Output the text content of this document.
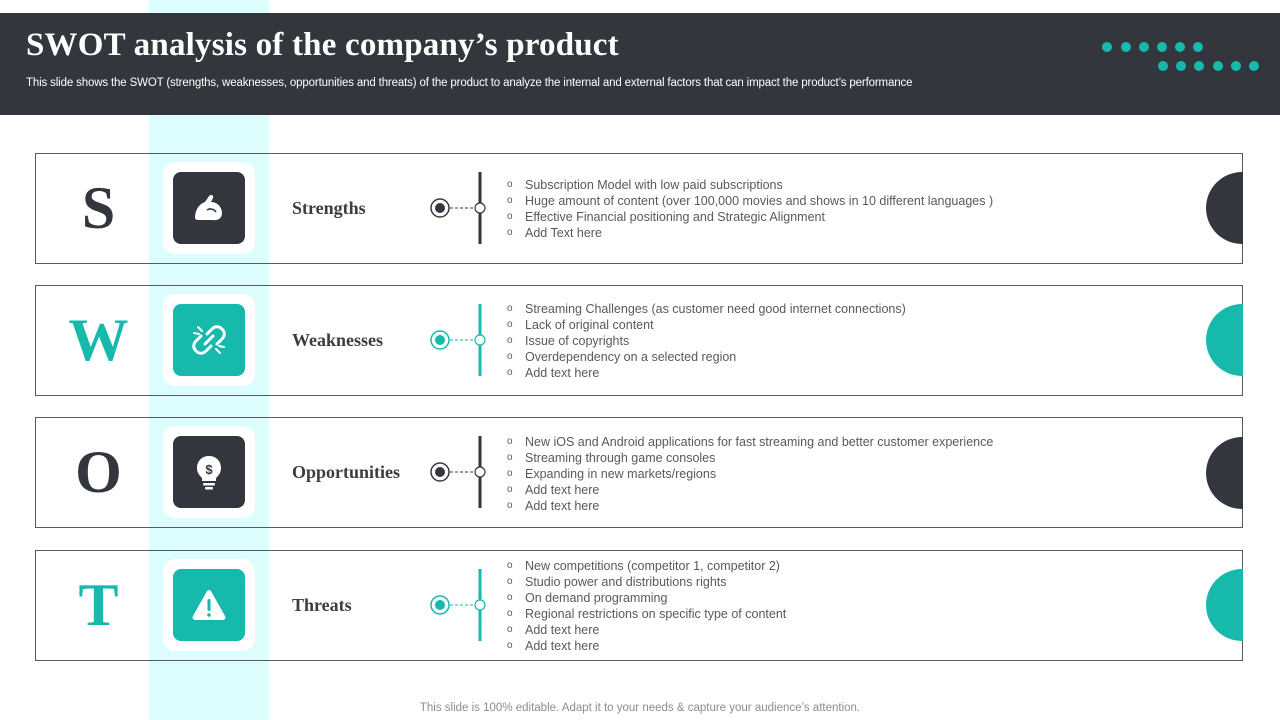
SWOT analysis of the company’s product
This slide shows the SWOT (strengths, weaknesses, opportunities and threats) of the product to analyze the internal and external factors that can impact the product’s performance
S	Strengths
o Subscription Model with low paid subscriptions
o Huge amount of content (over 100,000 movies and shows in 10 different languages )
o Effective Financial positioning and Strategic Alignment
o Add Text here
W	Weaknesses
o Streaming Challenges (as customer need good internet connections)
o Lack of original content
o Issue of copyrights
o Overdependency on a selected region
o Add text here
O	$	Opportunities
o New iOS and Android applications for fast streaming and better customer experience
o Streaming through game consoles
o Expanding in new markets/regions
o Add text here
o Add text here
T	Threats
o New competitions (competitor 1, competitor 2)
o Studio power and distributions rights
o On demand programming
o Regional restrictions on specific type of content
o Add text here
o Add text here
This slide is 100% editable. Adapt it to your needs & capture your audience’s attention.
